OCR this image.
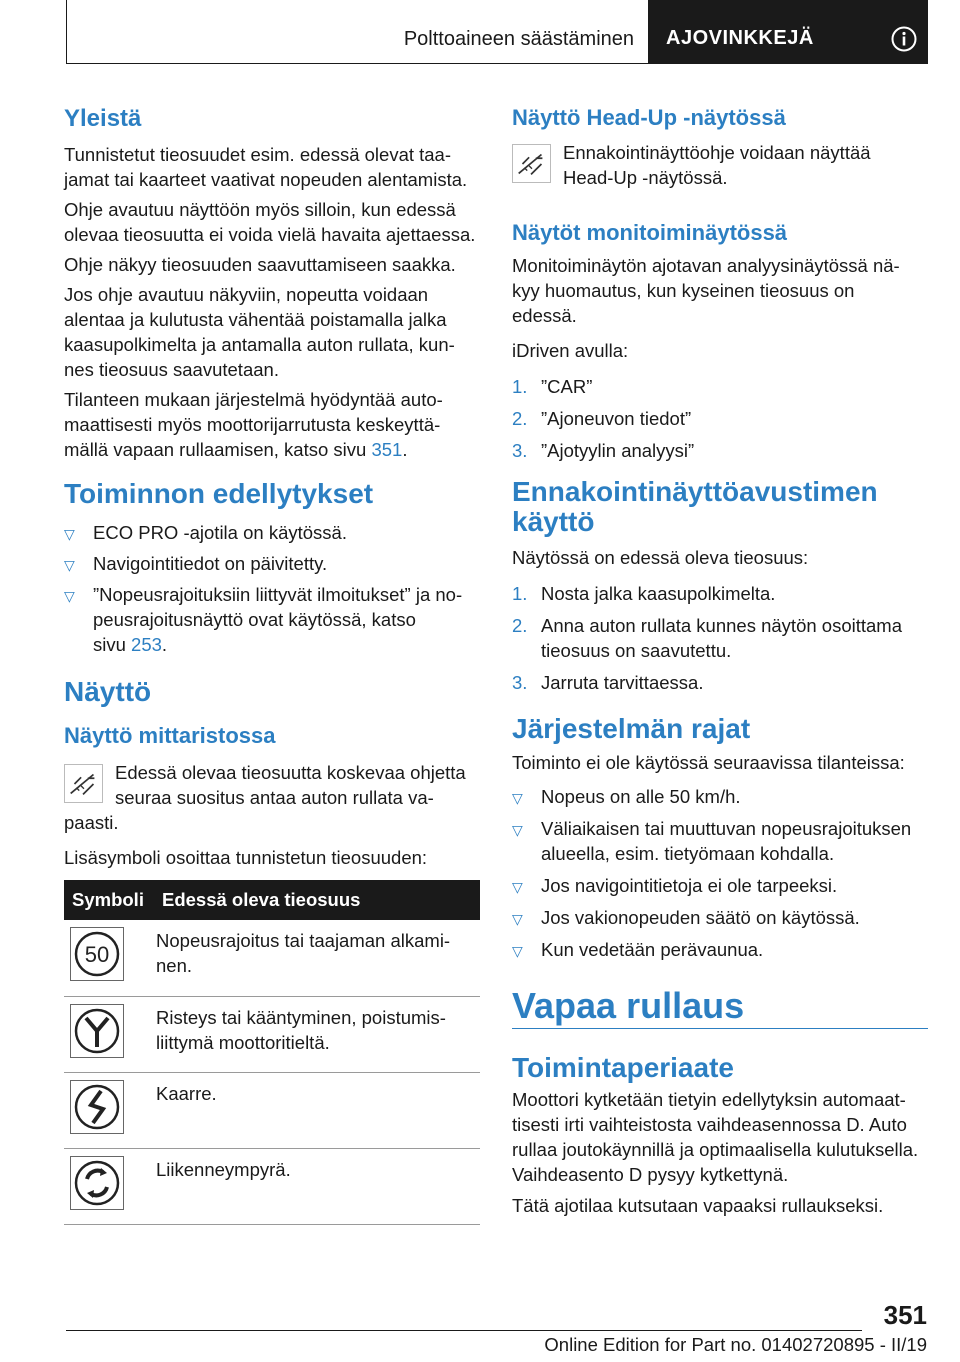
Polttoaineen säästäminen AJOVINKKEJÄ
Yleistä

Tunnistetut tieosuudet esim. edessä olevat taa-
jamat tai kaarteet vaativat nopeuden alentamista.

Ohje avautuu näyttöön myös silloin, kun edessä
olevaa tieosuutta ei voida vielä havaita ajettaessa.

Ohje näkyy tieosuuden saavuttamiseen saakka.

Jos ohje avautuu näkyviin, nopeutta voidaan
alentaa ja kulutusta vähentää poistamalla jalka
kaasupolkimelta ja antamalla auton rullata, kun-
nes tieosuus saavutetaan.

Tilanteen mukaan järjestelmä hyödyntää auto-
maattisesti myös moottorijarrutusta keskeyttä-
mällä vapaan rullaamisen, katso sivu 351.

Toiminnon edellytykset
▽ ECO PRO -ajotila on käytössä.
▽ Navigointitiedot on päivitetty.
▽ ”Nopeusrajoituksiin liittyvät ilmoitukset” ja no-
peusrajoitusnäyttö ovat käytössä, katso
sivu 253.
Näyttö
Näyttö mittaristossa

Edessä olevaa tieosuutta koskevaa ohjetta
seuraa suositus antaa auton rullata va-

paasti.

Lisäsymboli osoittaa tunnistetun tieosuuden:

Symboli	Edessä oleva tieosuus

50	Nopeusrajoitus tai taajaman alkami-
nen.

	Risteys tai kääntyminen, poistumis-
liittymä moottoritieltä.

	Kaarre.

	Liikenneympyrä.
Näyttö Head-Up -näytössä

Ennakointinäyttöohje voidaan näyttää
Head-Up -näytössä.

Näytöt monitoiminäytössä

Monitoiminäytön ajotavan analyysinäytössä nä-
kyy huomautus, kun kyseinen tieosuus on
edessä.

iDriven avulla:

1. ”CAR”
2. ”Ajoneuvon tiedot”
3. ”Ajotyylin analyysi”
Ennakointinäyttöavustimen
käyttö

Näytössä on edessä oleva tieosuus:

1. Nosta jalka kaasupolkimelta.
2. Anna auton rullata kunnes näytön osoittama
tieosuus on saavutettu.
3. Jarruta tarvittaessa.
Järjestelmän rajat

Toiminto ei ole käytössä seuraavissa tilanteissa:

▽ Nopeus on alle 50 km/h.
▽ Väliaikaisen tai muuttuvan nopeusrajoituksen
alueella, esim. tietyömaan kohdalla.
▽ Jos navigointitietoja ei ole tarpeeksi.
▽ Jos vakionopeuden säätö on käytössä.
▽ Kun vedetään perävaunua.
Vapaa rullaus
Toimintaperiaate

Moottori kytketään tietyin edellytyksin automaat-
tisesti irti vaihteistosta vaihdeasennossa D. Auto
rullaa joutokäynnillä ja optimaalisella kulutuksella.
Vaihdeasento D pysyy kytkettynä.

Tätä ajotilaa kutsutaan vapaaksi rullaukseksi.

351
Online Edition for Part no. 01402720895 - II/19
